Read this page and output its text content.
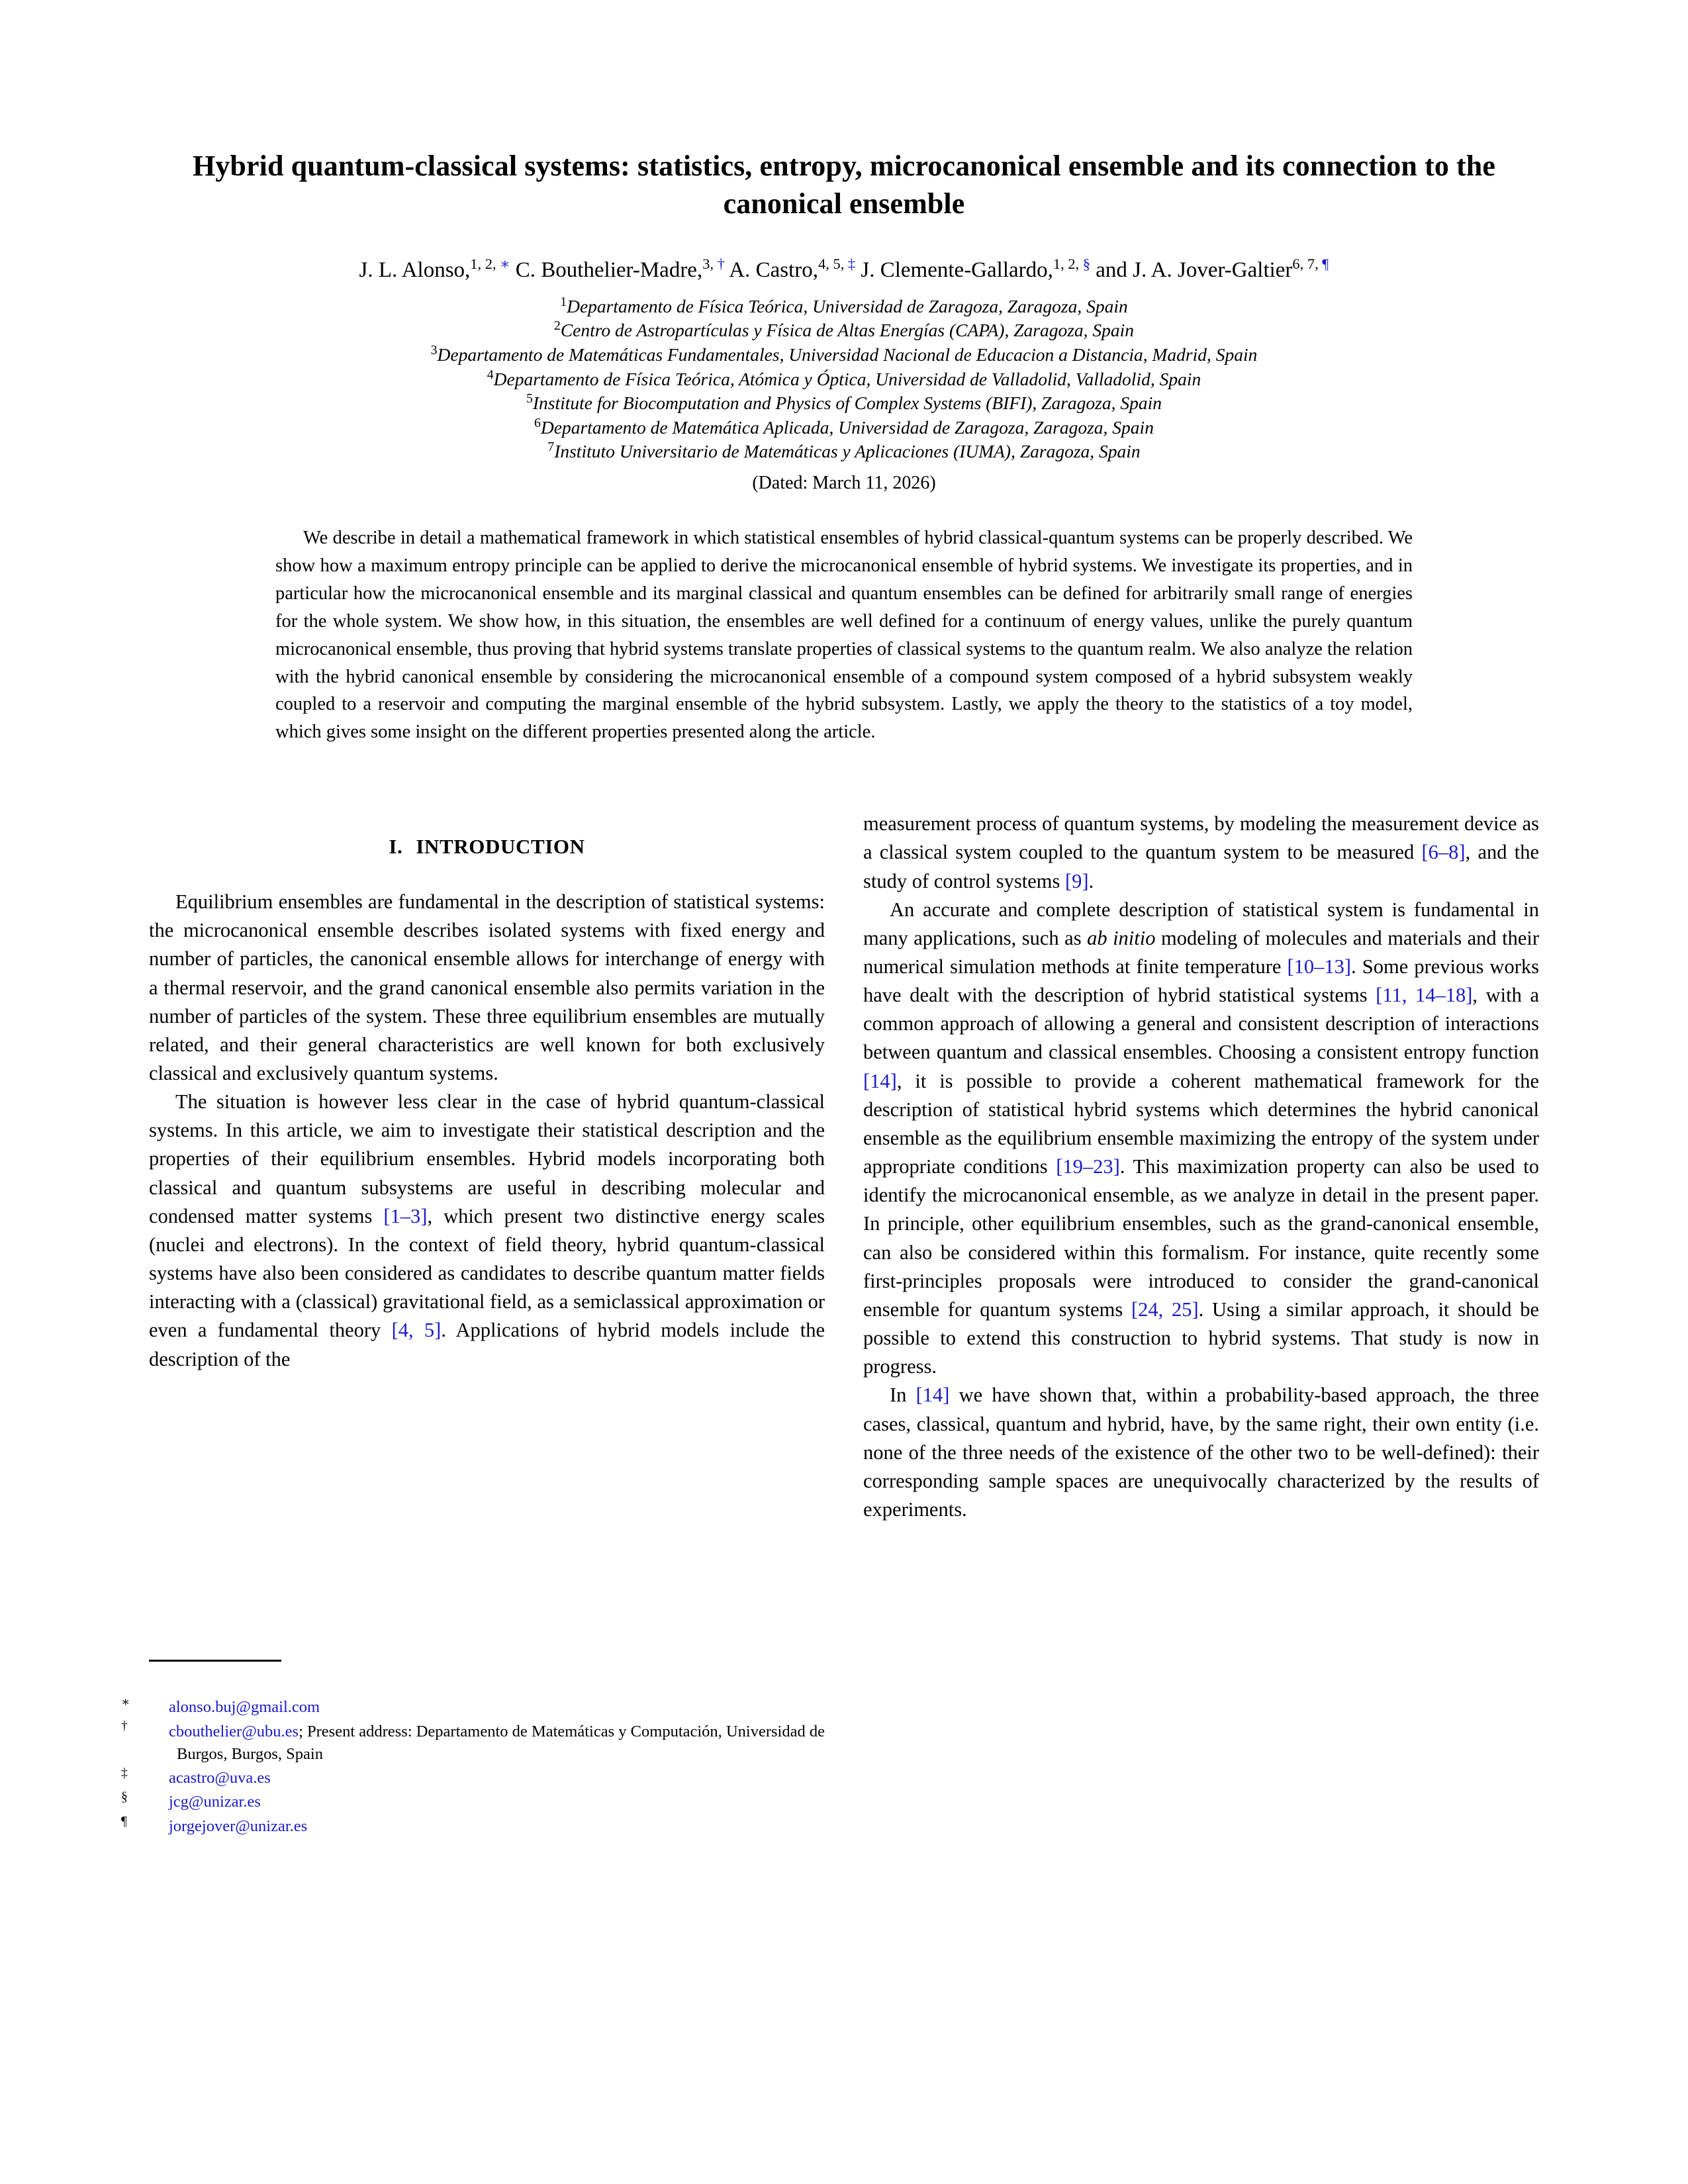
Hybrid quantum-classical systems: statistics, entropy, microcanonical ensemble and its connection to the canonical ensemble
J. L. Alonso,$^{1, 2, ∗}$ C. Bouthelier-Madre,$^{3, \dagger}$ A. Castro,$^{4, 5, \ddagger}$ J. Clemente-Gallardo,$^{1, 2, \S}$ and J. A. Jover-Galtier$^{6, 7, \P}$
$^1$Departamento de Física Teórica, Universidad de Zaragoza, Zaragoza, Spain
$^2$Centro de Astropartículas y Física de Altas Energías (CAPA), Zaragoza, Spain
$^3$Departamento de Matemáticas Fundamentales, Universidad Nacional de Educacion a Distancia, Madrid, Spain
$^4$Departamento de Física Teórica, Atómica y Óptica, Universidad de Valladolid, Valladolid, Spain
$^5$Institute for Biocomputation and Physics of Complex Systems (BIFI), Zaragoza, Spain
$^6$Departamento de Matemática Aplicada, Universidad de Zaragoza, Zaragoza, Spain
$^7$Instituto Universitario de Matemáticas y Aplicaciones (IUMA), Zaragoza, Spain
(Dated: March 11, 2026)

We describe in detail a mathematical framework in which statistical ensembles of hybrid classical-quantum systems can be properly described. We show how a maximum entropy principle can be applied to derive the microcanonical ensemble of hybrid systems. We investigate its properties, and in particular how the microcanonical ensemble and its marginal classical and quantum ensembles can be defined for arbitrarily small range of energies for the whole system. We show how, in this situation, the ensembles are well defined for a continuum of energy values, unlike the purely quantum microcanonical ensemble, thus proving that hybrid systems translate properties of classical systems to the quantum realm. We also analyze the relation with the hybrid canonical ensemble by considering the microcanonical ensemble of a compound system composed of a hybrid subsystem weakly coupled to a reservoir and computing the marginal ensemble of the hybrid subsystem. Lastly, we apply the theory to the statistics of a toy model, which gives some insight on the different properties presented along the article.

I. INTRODUCTION

Equilibrium ensembles are fundamental in the description of statistical systems: the microcanonical ensemble describes isolated systems with fixed energy and number of particles, the canonical ensemble allows for interchange of energy with a thermal reservoir, and the grand canonical ensemble also permits variation in the number of particles of the system. These three equilibrium ensembles are mutually related, and their general characteristics are well known for both exclusively classical and exclusively quantum systems.

The situation is however less clear in the case of hybrid quantum-classical systems. In this article, we aim to investigate their statistical description and the properties of their equilibrium ensembles. Hybrid models incorporating both classical and quantum subsystems are useful in describing molecular and condensed matter systems [1–3], which present two distinctive energy scales (nuclei and electrons). In the context of field theory, hybrid quantum-classical systems have also been considered as candidates to describe quantum matter fields interacting with a (classical) gravitational field, as a semiclassical approximation or even a fundamental theory [4, 5]. Applications of hybrid models include the description of the

∗ alonso.buj@gmail.com
†	cbouthelier@ubu.es; Present address: Departamento de Matemáticas y Computación, Universidad de Burgos, Burgos, Spain
‡	acastro@uva.es
§	jcg@unizar.es
¶	jorgejover@unizar.es

measurement process of quantum systems, by modeling the measurement device as a classical system coupled to the quantum system to be measured [6–8], and the study of control systems [9].

An accurate and complete description of statistical system is fundamental in many applications, such as ab initio modeling of molecules and materials and their numerical simulation methods at finite temperature [10–13]. Some previous works have dealt with the description of hybrid statistical systems [11, 14–18], with a common approach of allowing a general and consistent description of interactions between quantum and classical ensembles. Choosing a consistent entropy function [14], it is possible to provide a coherent mathematical framework for the description of statistical hybrid systems which determines the hybrid canonical ensemble as the equilibrium ensemble maximizing the entropy of the system under appropriate conditions [19–23]. This maximization property can also be used to identify the microcanonical ensemble, as we analyze in detail in the present paper. In principle, other equilibrium ensembles, such as the grand-canonical ensemble, can also be considered within this formalism. For instance, quite recently some first-principles proposals were introduced to consider the grand-canonical ensemble for quantum systems [24, 25]. Using a similar approach, it should be possible to extend this construction to hybrid systems. That study is now in progress.

In [14] we have shown that, within a probability-based approach, the three cases, classical, quantum and hybrid, have, by the same right, their own entity (i.e. none of the three needs of the existence of the other two to be well-defined): their corresponding sample spaces are unequivocally characterized by the results of experiments.
